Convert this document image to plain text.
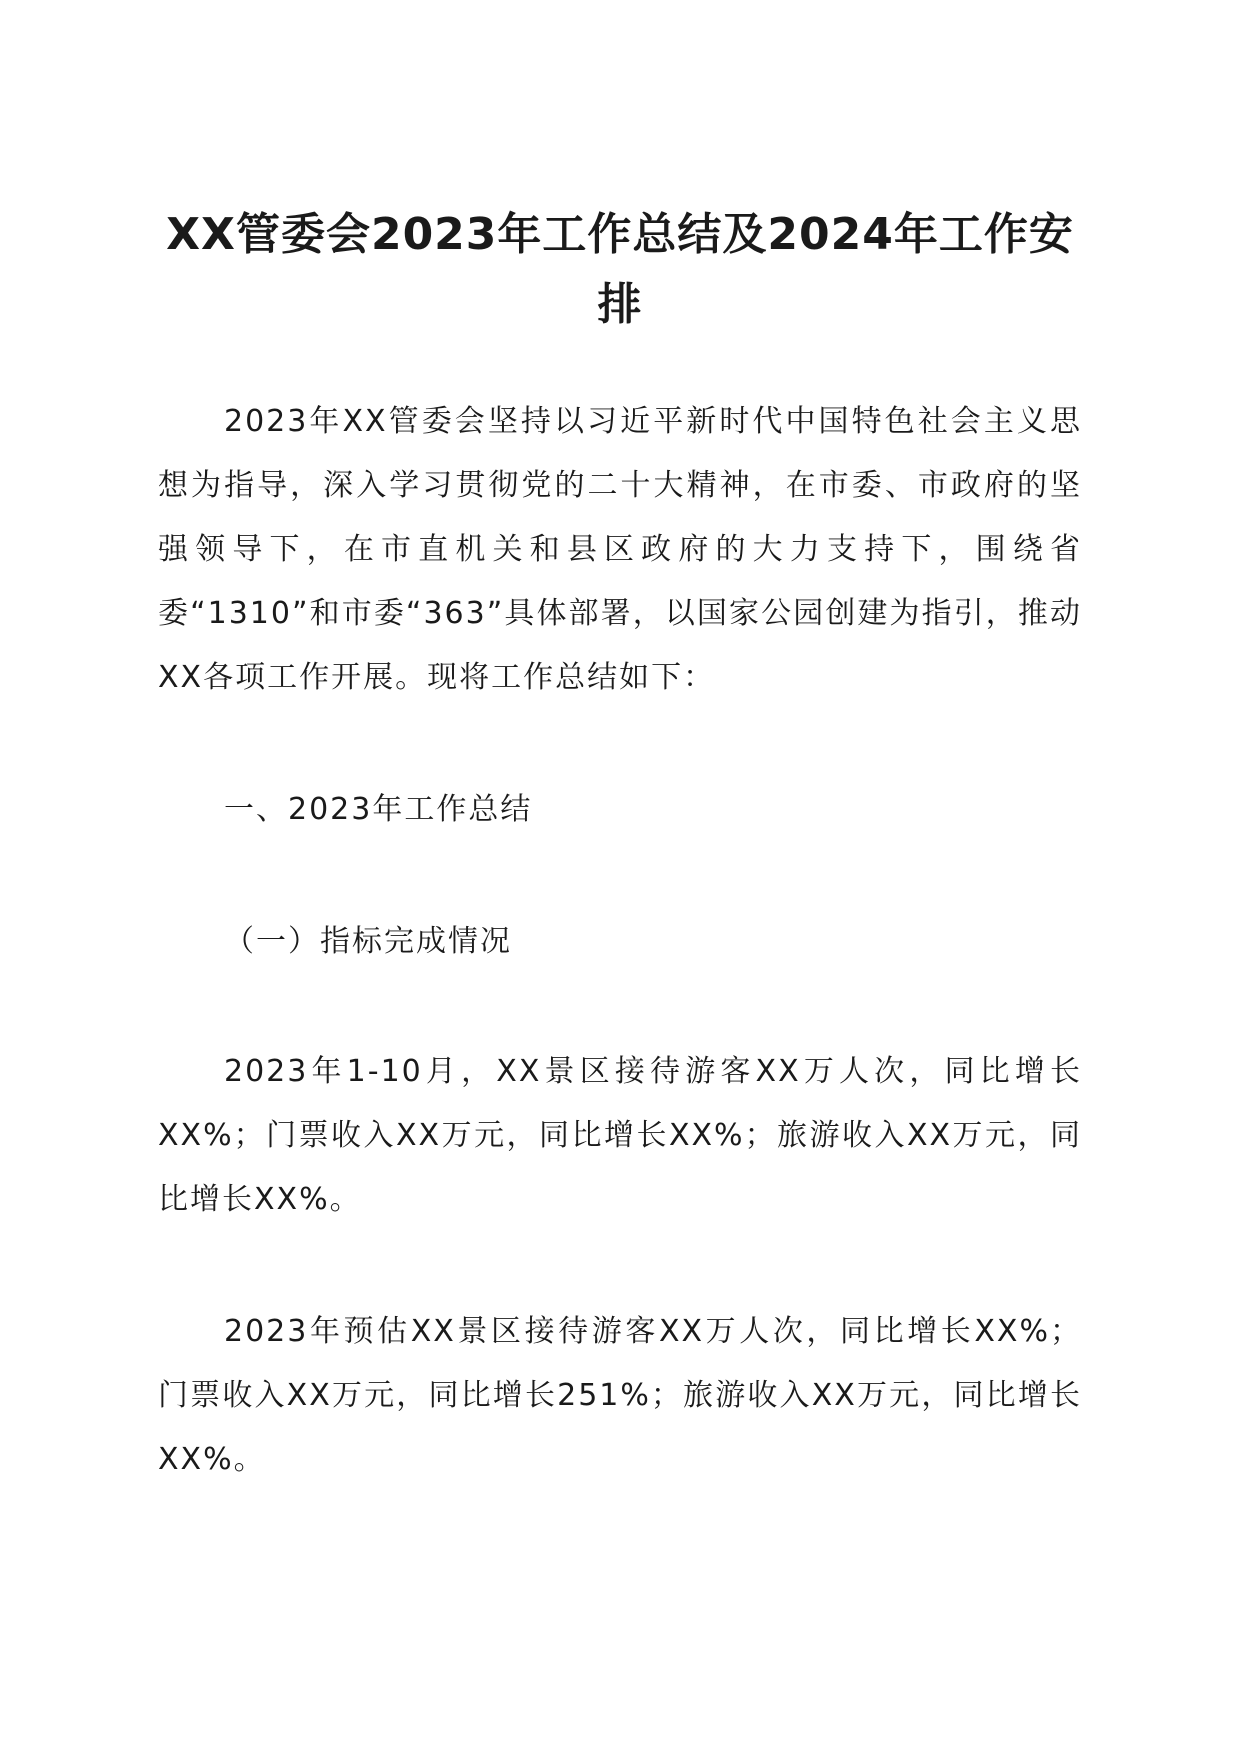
XX管委会2023年工作总结及2024年工作安排

2023年XX管委会坚持以习近平新时代中国特色社会主义思想为指导，深入学习贯彻党的二十大精神，在市委、市政府的坚强领导下，在市直机关和县区政府的大力支持下，围绕省委“1310”和市委“363”具体部署，以国家公园创建为指引，推动XX各项工作开展。现将工作总结如下：

一、2023年工作总结
（一）指标完成情况

2023年1-10月，XX景区接待游客XX万人次，同比增长XX%；门票收入XX万元，同比增长XX%；旅游收入XX万元，同比增长XX%。

2023年预估XX景区接待游客XX万人次，同比增长XX%；门票收入XX万元，同比增长251%；旅游收入XX万元，同比增长XX%。
